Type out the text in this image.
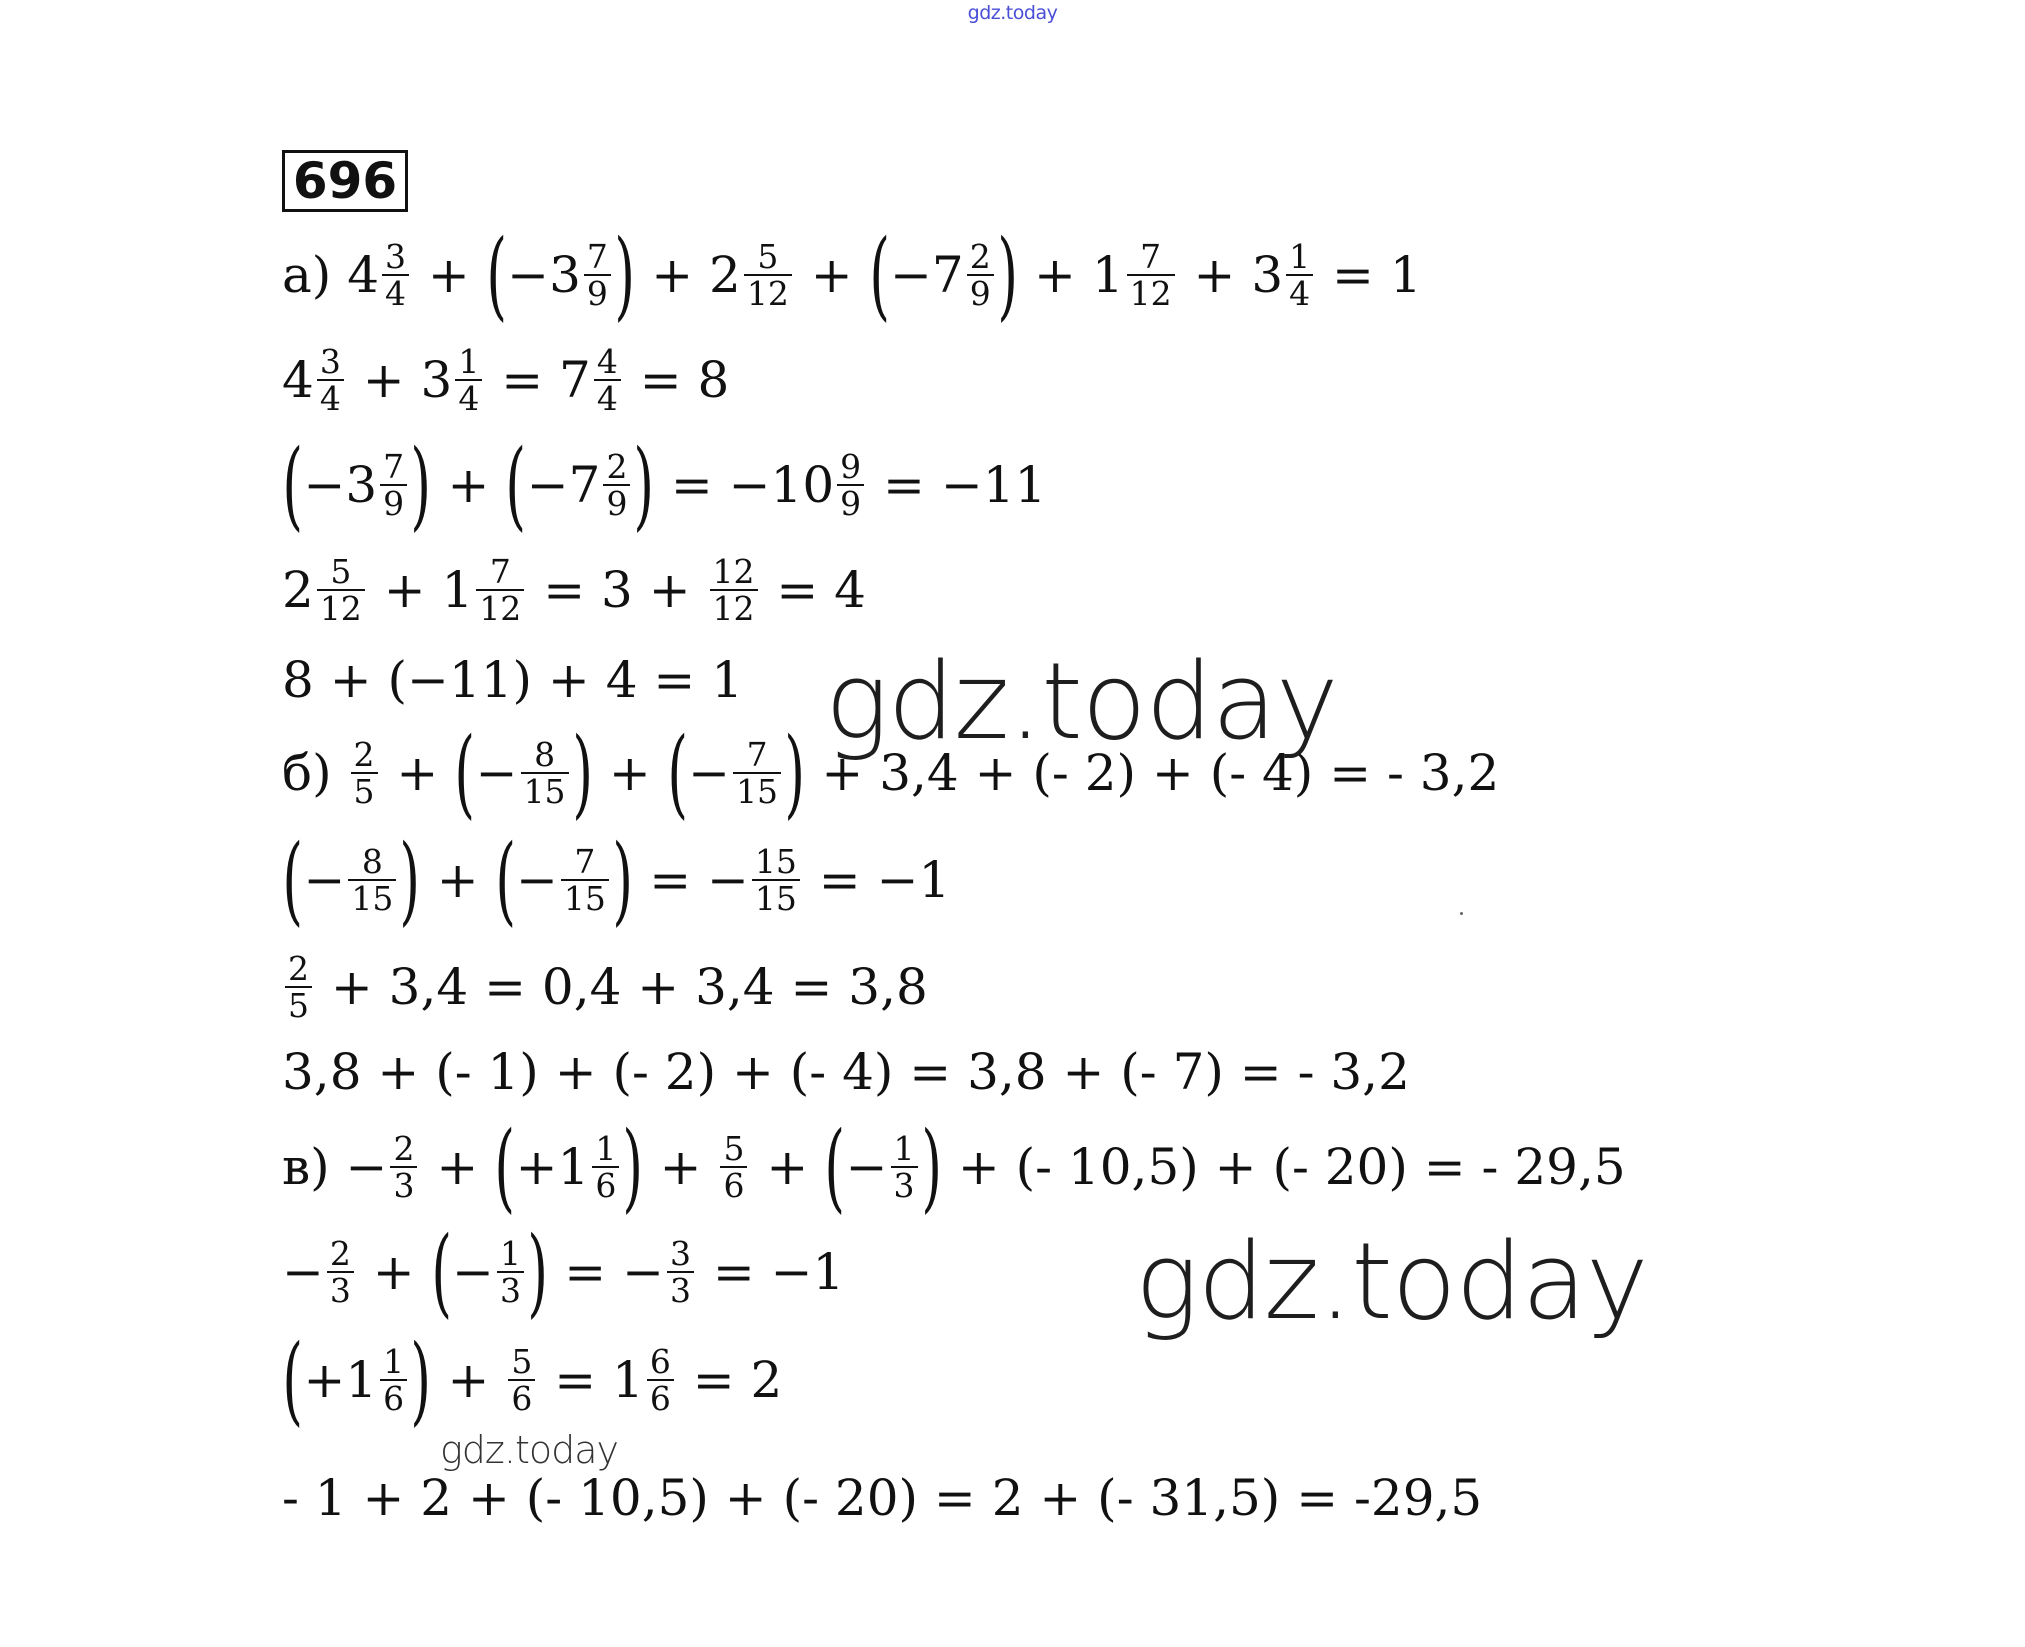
gdz.today
696
а) $4 \frac{3}{4}$ + ( $-3 \frac{7}{9}$ ) + $2 \frac{5}{12}$ + ( $-7 \frac{2}{9}$ ) + $1 \frac{7}{12} + 3 \frac{1}{4} = 1$
$4 \frac{3}{4} + 3 \frac{1}{4} = 7 \frac{4}{4} = 8$
( $-3 \frac{7}{9}$ ) + ( $-7 \frac{2}{9}$ ) = $-10 \frac{9}{9} = -11$
$2 \frac{5}{12} + 1 \frac{7}{12} = 3 + \frac{12}{12} = 4$
8 + (−11) + 4 = 1
$б) \frac{2}{5}$ + ( − $\frac{8}{15}$ ) + ( − $\frac{7}{15}$ ) + 3,4 + (- 2) + (- 4) = - 3,2
( − $\frac{8}{15}$ ) + ( − $\frac{7}{15}$ ) = − $\frac{15}{15} = -1$
$\frac{2}{5} + 3,4 = 0,4 + 3,4 = 3,8$
3,8 + (- 1) + (- 2) + (- 4) = 3,8 + (- 7) = - 3,2
$в) - \frac{2}{3}$ + ( $+1 \frac{1}{6}$ ) + $\frac{5}{6}$ + ( − $\frac{1}{3}$ ) + (- 10,5) + (- 20) = - 29,5
− $\frac{2}{3}$ + ( − $\frac{1}{3}$ ) = − $\frac{3}{3} = -1$
( $+1 \frac{1}{6}$ ) + $\frac{5}{6} = 1 \frac{6}{6} = 2$
- 1 + 2 + (- 10,5) + (- 20) = 2 + (- 31,5) = -29,5
gdz.today
gdz.today
gdz.today
